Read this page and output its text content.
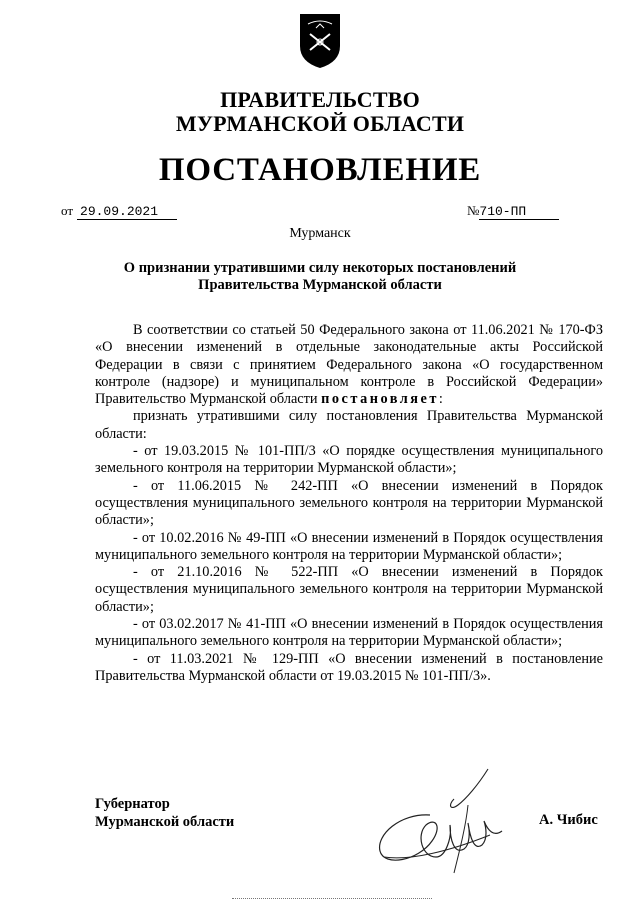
ПРАВИТЕЛЬСТВО
МУРМАНСКОЙ ОБЛАСТИ
ПОСТАНОВЛЕНИЕ
от 29.09.2021	№710-ПП
Мурманск
О признании утратившими силу некоторых постановлений
Правительства Мурманской области

В соответствии со статьей 50 Федерального закона от 11.06.2021 № 170-ФЗ «О внесении изменений в отдельные законодательные акты Российской Федерации в связи с принятием Федерального закона «О государственном контроле (надзоре) и муниципальном контроле в Российской Федерации» Правительство Мурманской области постановляет:

признать утратившими силу постановления Правительства Мурманской области:

- от 19.03.2015 № 101-ПП/3 «О порядке осуществления муниципального земельного контроля на территории Мурманской области»;

- от 11.06.2015 № 242-ПП «О внесении изменений в Порядок осуществления муниципального земельного контроля на территории Мурманской области»;

- от 10.02.2016 № 49-ПП «О внесении изменений в Порядок осуществления муниципального земельного контроля на территории Мурманской области»;

- от 21.10.2016 № 522-ПП «О внесении изменений в Порядок осуществления муниципального земельного контроля на территории Мурманской области»;

- от 03.02.2017 № 41-ПП «О внесении изменений в Порядок осуществления муниципального земельного контроля на территории Мурманской области»;

- от 11.03.2021 № 129-ПП «О внесении изменений в постановление Правительства Мурманской области от 19.03.2015 № 101-ПП/3».

Губернатор
Мурманской области	А. Чибис
